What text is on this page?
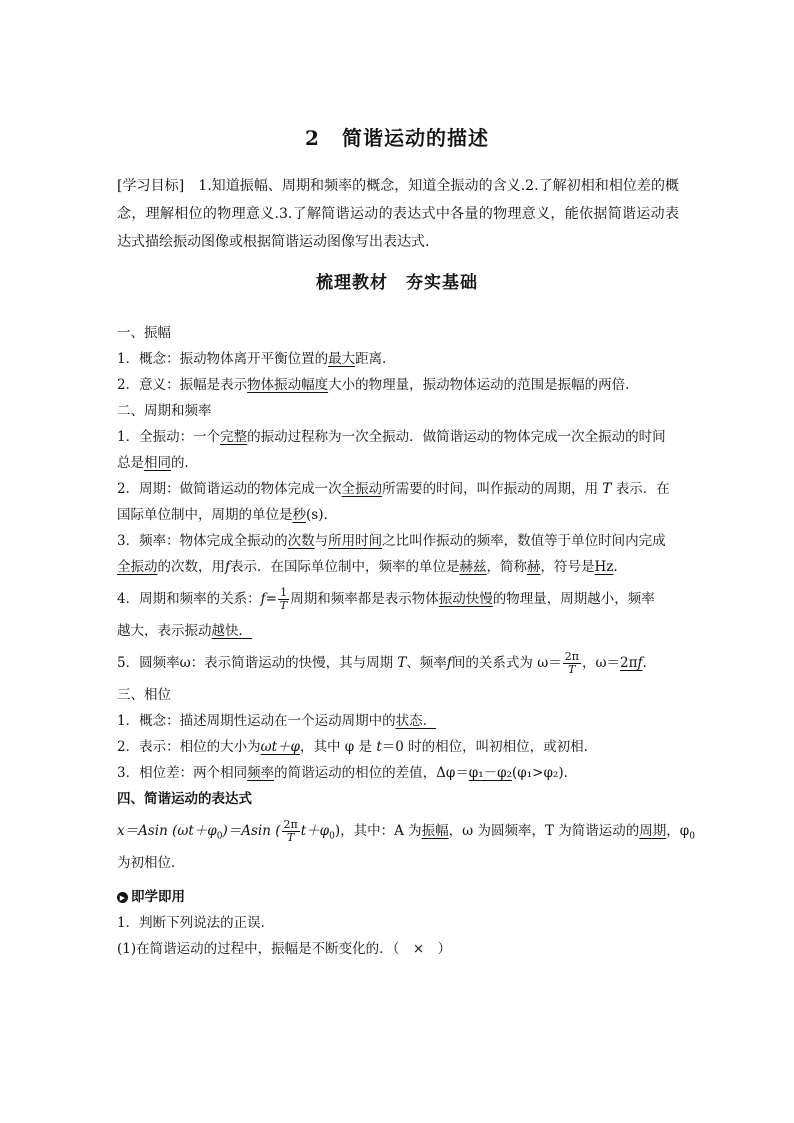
2 简谐运动的描述
[学习目标]　 1.知道振幅、周期和频率的概念，知道全振动的含义.2.了解初相和相位差的概念，理解相位的物理意义.3.了解简谐运动的表达式中各量的物理意义，能依据简谐运动表达式描绘振动图像或根据简谐运动图像写出表达式.
梳理教材　夯实基础
一、振幅
1．概念：振动物体离开平衡位置的最大距离．
2．意义：振幅是表示物体振动幅度大小的物理量，振动物体运动的范围是振幅的两倍．
二、周期和频率
1．全振动：一个完整的振动过程称为一次全振动．做简谐运动的物体完成一次全振动的时间
总是相同的．
2．周期：做简谐运动的物体完成一次全振动所需要的时间，叫作振动的周期，用 T 表示．在
国际单位制中，周期的单位是秒(s)．
3．频率：物体完成全振动的次数与所用时间之比叫作振动的频率，数值等于单位时间内完成
全振动的次数，用f表示．在国际单位制中，频率的单位是赫兹，简称赫，符号是Hz.
4．周期和频率的关系：$f= \frac{1}{T}$ 周期和频率都是表示物体振动快慢的物理量，周期越小，频率
越大，表示振动越快．
5．圆频率ω：表示简谐运动的快慢，其与周期 T、频率f间的关系式为 $\omega= \frac{2\pi}{T}$ ，ω＝2πf.
三、相位
1．概念：描述周期性运动在一个运动周期中的状态．
2．表示：相位的大小为ωt＋φ，其中 φ 是 t＝0 时的相位，叫初相位，或初相．
3．相位差：两个相同频率的简谐运动的相位的差值，Δφ＝φ₁－φ₂(φ₁>φ₂)．
四、简谐运动的表达式
x＝Asin $(\omega t+\varphi_0)=Asin$ ( $\frac{2\pi}{T} t+\varphi_0$)，其中：A 为振幅，ω 为圆频率，T 为简谐运动的周期，$\varphi_0$
为初相位．
▶ 即学即用
1．判断下列说法的正误．
(1)在简谐运动的过程中，振幅是不断变化的．（　×　）
